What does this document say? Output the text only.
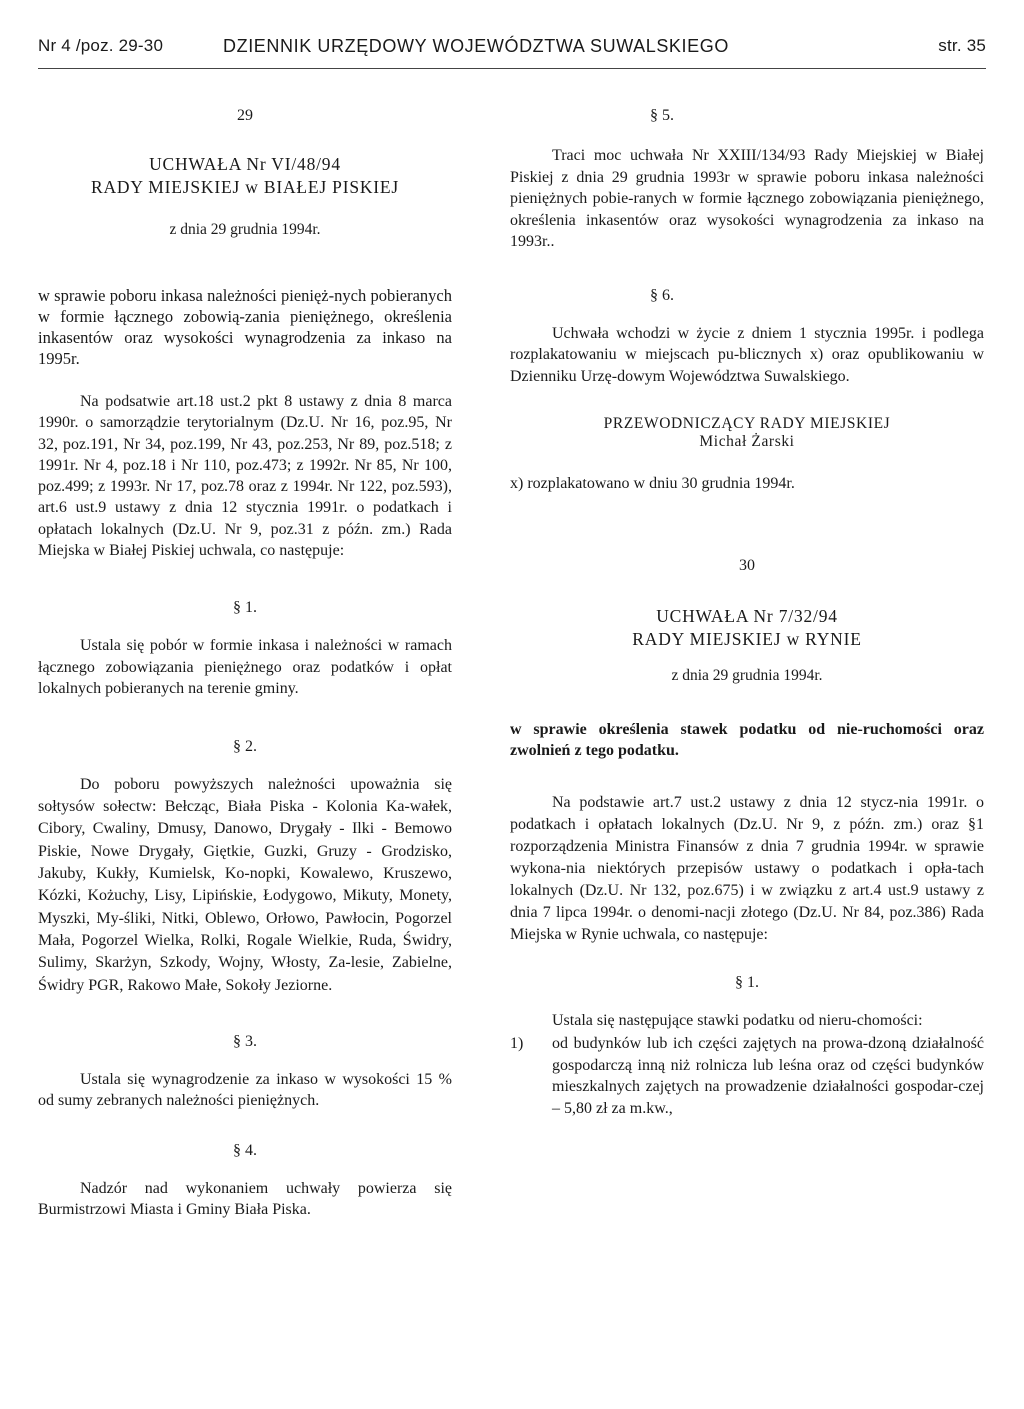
Nr 4 /poz. 29-30	DZIENNIK URZĘDOWY WOJEWÓDZTWA SUWALSKIEGO	str. 35
29
UCHWAŁA Nr VI/48/94
RADY MIEJSKIEJ w BIAŁEJ PISKIEJ
z dnia 29 grudnia 1994r.

w sprawie poboru inkasa należności pienięż-nych pobieranych w formie łącznego zobowią-zania pieniężnego, określenia inkasentów oraz wysokości wynagrodzenia za inkaso na 1995r.

Na podsatwie art.18 ust.2 pkt 8 ustawy z dnia 8 marca 1990r. o samorządzie terytorialnym (Dz.U. Nr 16, poz.95, Nr 32, poz.191, Nr 34, poz.199, Nr 43, poz.253, Nr 89, poz.518; z 1991r. Nr 4, poz.18 i Nr 110, poz.473; z 1992r. Nr 85, Nr 100, poz.499; z 1993r. Nr 17, poz.78 oraz z 1994r. Nr 122, poz.593), art.6 ust.9 ustawy z dnia 12 stycznia 1991r. o podatkach i opłatach lokalnych (Dz.U. Nr 9, poz.31 z późn. zm.) Rada Miejska w Białej Piskiej uchwala, co następuje:

§ 1.

Ustala się pobór w formie inkasa i należności w ramach łącznego zobowiązania pieniężnego oraz podatków i opłat lokalnych pobieranych na terenie gminy.

§ 2.

Do poboru powyższych należności upoważnia się sołtysów sołectw: Bełcząc, Biała Piska - Kolonia Ka-wałek, Cibory, Cwaliny, Dmusy, Danowo, Drygały - Ilki - Bemowo Piskie, Nowe Drygały, Giętkie, Guzki, Gruzy - Grodzisko, Jakuby, Kukły, Kumielsk, Ko-nopki, Kowalewo, Kruszewo, Kózki, Kożuchy, Lisy, Lipińskie, Łodygowo, Mikuty, Monety, Myszki, My-śliki, Nitki, Oblewo, Orłowo, Pawłocin, Pogorzel Mała, Pogorzel Wielka, Rolki, Rogale Wielkie, Ruda, Świdry, Sulimy, Skarżyn, Szkody, Wojny, Włosty, Za-lesie, Zabielne, Świdry PGR, Rakowo Małe, Sokoły Jeziorne.

§ 3.

Ustala się wynagrodzenie za inkaso w wysokości 15 % od sumy zebranych należności pieniężnych.

§ 4.

Nadzór nad wykonaniem uchwały powierza się Burmistrzowi Miasta i Gminy Biała Piska.

§ 5.

Traci moc uchwała Nr XXIII/134/93 Rady Miejskiej w Białej Piskiej z dnia 29 grudnia 1993r w sprawie poboru inkasa należności pieniężnych pobie-ranych w formie łącznego zobowiązania pieniężnego, określenia inkasentów oraz wysokości wynagrodzenia za inkaso na 1993r..

§ 6.

Uchwała wchodzi w życie z dniem 1 stycznia 1995r. i podlega rozplakatowaniu w miejscach pu-blicznych x) oraz opublikowaniu w Dzienniku Urzę-dowym Województwa Suwalskiego.

PRZEWODNICZĄCY RADY MIEJSKIEJ
Michał Żarski

x) rozplakatowano w dniu 30 grudnia 1994r.

30
UCHWAŁA Nr 7/32/94
RADY MIEJSKIEJ w RYNIE
z dnia 29 grudnia 1994r.

w sprawie określenia stawek podatku od nie-ruchomości oraz zwolnień z tego podatku.

Na podstawie art.7 ust.2 ustawy z dnia 12 stycz-nia 1991r. o podatkach i opłatach lokalnych (Dz.U. Nr 9, z późn. zm.) oraz §1 rozporządzenia Ministra Finansów z dnia 7 grudnia 1994r. w sprawie wykona-nia niektórych przepisów ustawy o podatkach i opła-tach lokalnych (Dz.U. Nr 132, poz.675) i w związku z art.4 ust.9 ustawy z dnia 7 lipca 1994r. o denomi-nacji złotego (Dz.U. Nr 84, poz.386) Rada Miejska w Rynie uchwala, co następuje:

§ 1.

Ustala się następujące stawki podatku od nieru-chomości:

1)	od budynków lub ich części zajętych na prowa-dzoną działalność gospodarczą inną niż rolnicza lub leśna oraz od części budynków mieszkalnych zajętych na prowadzenie działalności gospodar-czej – 5,80 zł za m.kw.,
